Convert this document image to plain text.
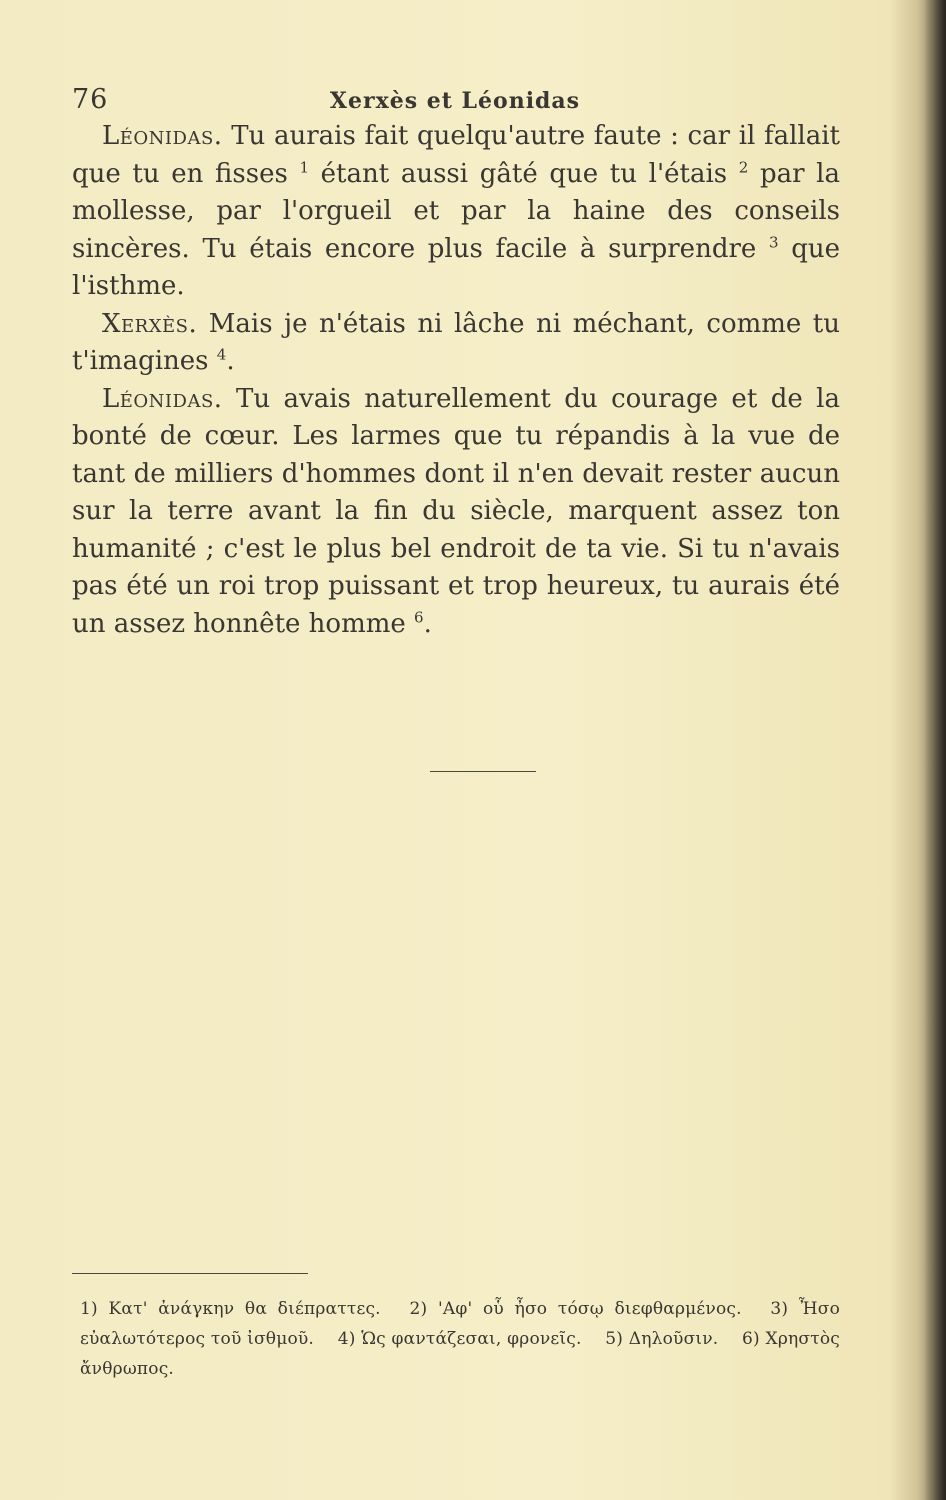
76	Xerxès et Léonidas

Léonidas. Tu aurais fait quelqu'autre faute : car il fallait que tu en fisses $^1$ étant aussi gâté que tu l'étais $^2$ par la mollesse, par l'orgueil et par la haine des conseils sincères. Tu étais encore plus facile à surprendre $^3$ que l'isthme.

Xerxès. Mais je n'étais ni lâche ni méchant, comme tu t'imagines $^4$.

Léonidas. Tu avais naturellement du courage et de la bonté de cœur. Les larmes que tu répandis à la vue de tant de milliers d'hommes dont il n'en devait rester aucun sur la terre avant la fin du siècle, marquent assez ton humanité ; c'est le plus bel endroit de ta vie. Si tu n'avais pas été un roi trop puissant et trop heureux, tu aurais été un assez honnête homme $^6$.

1) Κατ' ἀνάγκην θα διέπραττες. 2) 'Αφ' οὗ ἦσο τόσῳ διεφθαρμένος. 3) Ἦσο εὐαλωτότερος τοῦ ἰσθμοῦ. 4) Ὡς φαντάζεσαι, φρονεῖς. 5) Δηλοῦσιν. 6) Χρηστὸς ἄνθρωπος.
